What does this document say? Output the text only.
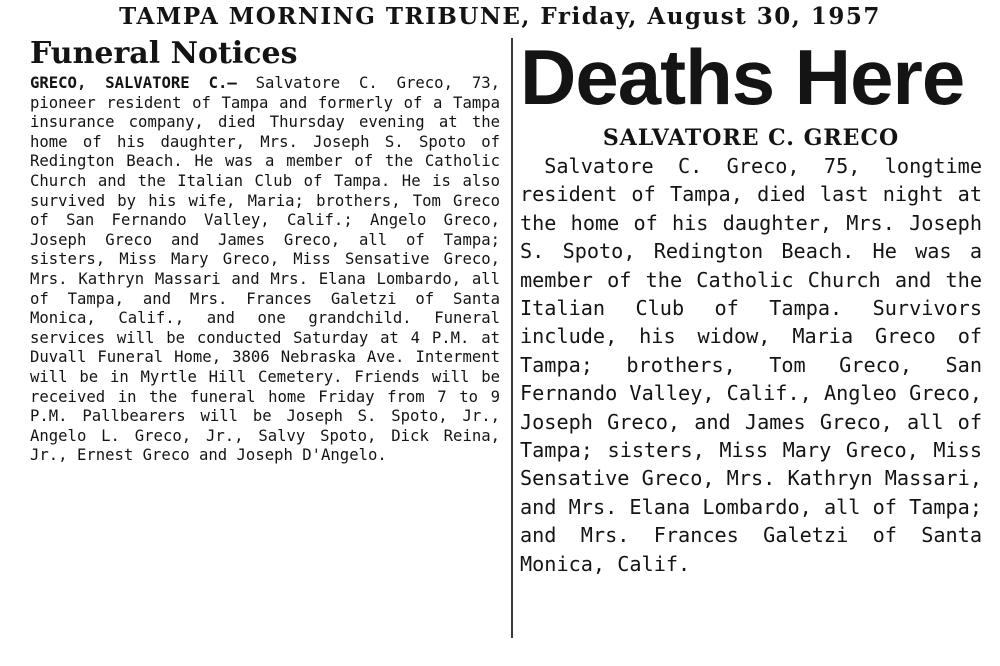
TAMPA MORNING TRIBUNE, Friday, August 30, 1957
Funeral Notices

GRECO, SALVATORE C.— Salvatore C. Greco, 73, pioneer resident of Tampa and formerly of a Tampa insurance company, died Thursday evening at the home of his daughter, Mrs. Joseph S. Spoto of Redington Beach. He was a member of the Catholic Church and the Italian Club of Tampa. He is also survived by his wife, Maria; brothers, Tom Greco of San Fernando Valley, Calif.; Angelo Greco, Joseph Greco and James Greco, all of Tampa; sisters, Miss Mary Greco, Miss Sensative Greco, Mrs. Kathryn Massari and Mrs. Elana Lombardo, all of Tampa, and Mrs. Frances Galetzi of Santa Monica, Calif., and one grandchild. Funeral services will be conducted Saturday at 4 P.M. at Duvall Funeral Home, 3806 Nebraska Ave. Interment will be in Myrtle Hill Cemetery. Friends will be received in the funeral home Friday from 7 to 9 P.M. Pallbearers will be Joseph S. Spoto, Jr., Angelo L. Greco, Jr., Salvy Spoto, Dick Reina, Jr., Ernest Greco and Joseph D'Angelo.

Deaths Here
SALVATORE C. GRECO

Salvatore C. Greco, 75, longtime resident of Tampa, died last night at the home of his daughter, Mrs. Joseph S. Spoto, Redington Beach. He was a member of the Catholic Church and the Italian Club of Tampa. Survivors include, his widow, Maria Greco of Tampa; brothers, Tom Greco, San Fernando Valley, Calif., Angleo Greco, Joseph Greco, and James Greco, all of Tampa; sisters, Miss Mary Greco, Miss Sensative Greco, Mrs. Kathryn Massari, and Mrs. Elana Lombardo, all of Tampa; and Mrs. Frances Galetzi of Santa Monica, Calif.
